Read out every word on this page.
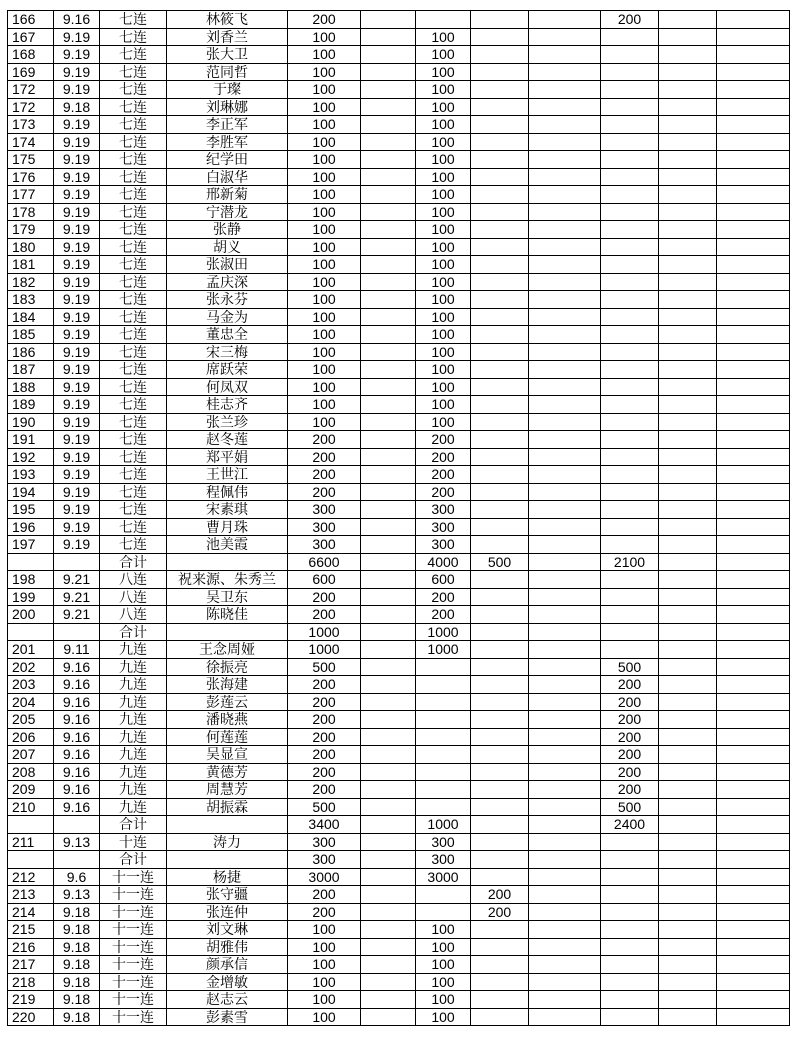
166	9.16	七连	林筱飞	200					200		
167	9.19	七连	刘香兰	100		100					
168	9.19	七连	张大卫	100		100					
169	9.19	七连	范同哲	100		100					
172	9.19	七连	于璨	100		100					
172	9.18	七连	刘琳娜	100		100					
173	9.19	七连	李正军	100		100					
174	9.19	七连	李胜军	100		100					
175	9.19	七连	纪学田	100		100					
176	9.19	七连	白淑华	100		100					
177	9.19	七连	邢新菊	100		100					
178	9.19	七连	宁潜龙	100		100					
179	9.19	七连	张静	100		100					
180	9.19	七连	胡义	100		100					
181	9.19	七连	张淑田	100		100					
182	9.19	七连	孟庆深	100		100					
183	9.19	七连	张永芬	100		100					
184	9.19	七连	马金为	100		100					
185	9.19	七连	董忠全	100		100					
186	9.19	七连	宋三梅	100		100					
187	9.19	七连	席跃荣	100		100					
188	9.19	七连	何凤双	100		100					
189	9.19	七连	桂志齐	100		100					
190	9.19	七连	张兰珍	100		100					
191	9.19	七连	赵冬莲	200		200					
192	9.19	七连	郑平娟	200		200					
193	9.19	七连	王世江	200		200					
194	9.19	七连	程佩伟	200		200					
195	9.19	七连	宋素琪	300		300					
196	9.19	七连	曹月珠	300		300					
197	9.19	七连	池美霞	300		300					
		合计		6600		4000	500		2100		
198	9.21	八连	祝来源、朱秀兰	600		600					
199	9.21	八连	吴卫东	200		200					
200	9.21	八连	陈晓佳	200		200					
		合计		1000		1000					
201	9.11	九连	王念周娅	1000		1000					
202	9.16	九连	徐振亮	500					500		
203	9.16	九连	张海建	200					200		
204	9.16	九连	彭莲云	200					200		
205	9.16	九连	潘晓燕	200					200		
206	9.16	九连	何莲莲	200					200		
207	9.16	九连	吴显宣	200					200		
208	9.16	九连	黄德芳	200					200		
209	9.16	九连	周慧芳	200					200		
210	9.16	九连	胡振霖	500					500		
		合计		3400		1000			2400		
211	9.13	十连	涛力	300		300					
		合计		300		300					
212	9.6	十一连	杨捷	3000		3000					
213	9.13	十一连	张守疆	200			200				
214	9.18	十一连	张连仲	200			200				
215	9.18	十一连	刘文琳	100		100					
216	9.18	十一连	胡雅伟	100		100					
217	9.18	十一连	颜承信	100		100					
218	9.18	十一连	金增敏	100		100					
219	9.18	十一连	赵志云	100		100					
220	9.18	十一连	彭素雪	100		100					
